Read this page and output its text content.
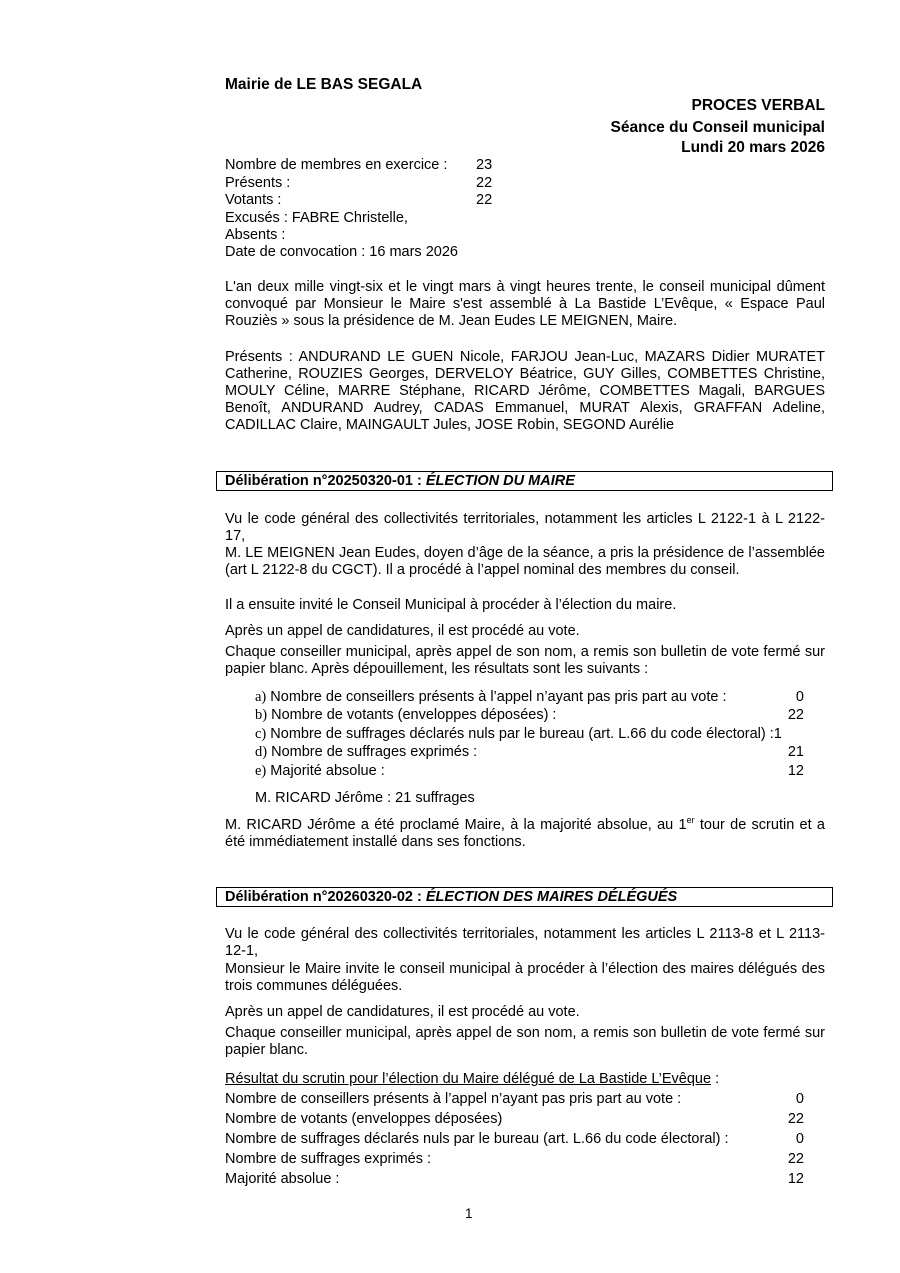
Mairie de LE BAS SEGALA
PROCES VERBAL
Séance du Conseil municipal
Lundi 20 mars 2026
Nombre de membres en exercice : 23
Présents :	22
Votants :	22
Excusés : FABRE Christelle,
Absents :
Date de convocation : 16 mars 2026
L'an deux mille vingt-six et le vingt mars à vingt heures trente, le conseil municipal dûment convoqué par Monsieur le Maire s'est assemblé à La Bastide L’Evêque, « Espace Paul Rouziès » sous la présidence de M. Jean Eudes LE MEIGNEN, Maire.
Présents : ANDURAND LE GUEN Nicole, FARJOU Jean-Luc, MAZARS Didier MURATET Catherine, ROUZIES Georges, DERVELOY Béatrice, GUY Gilles, COMBETTES Christine, MOULY Céline, MARRE Stéphane, RICARD Jérôme, COMBETTES Magali, BARGUES Benoît, ANDURAND Audrey, CADAS Emmanuel, MURAT Alexis, GRAFFAN Adeline, CADILLAC Claire, MAINGAULT Jules, JOSE Robin, SEGOND Aurélie
Délibération n°20250320-01 : ÉLECTION DU MAIRE
Vu le code général des collectivités territoriales, notamment les articles L 2122-1 à L 2122-17,
M. LE MEIGNEN Jean Eudes, doyen d’âge de la séance, a pris la présidence de l’assemblée (art L 2122-8 du CGCT). Il a procédé à l’appel nominal des membres du conseil.
Il a ensuite invité le Conseil Municipal à procéder à l’élection du maire.
Après un appel de candidatures, il est procédé au vote.
Chaque conseiller municipal, après appel de son nom, a remis son bulletin de vote fermé sur papier blanc. Après dépouillement, les résultats sont les suivants :
a) Nombre de conseillers présents à l’appel n’ayant pas pris part au vote :	0
b) Nombre de votants (enveloppes déposées) :	22
c) Nombre de suffrages déclarés nuls par le bureau (art. L.66 du code électoral) :1
d) Nombre de suffrages exprimés :	21
e) Majorité absolue :	12
M. RICARD Jérôme : 21 suffrages
M. RICARD Jérôme a été proclamé Maire, à la majorité absolue, au 1er tour de scrutin et a été immédiatement installé dans ses fonctions.
Délibération n°20260320-02 : ÉLECTION DES MAIRES DÉLÉGUÉS
Vu le code général des collectivités territoriales, notamment les articles L 2113-8 et L 2113-12-1,
Monsieur le Maire invite le conseil municipal à procéder à l’élection des maires délégués des trois communes déléguées.
Après un appel de candidatures, il est procédé au vote.
Chaque conseiller municipal, après appel de son nom, a remis son bulletin de vote fermé sur papier blanc.
Résultat du scrutin pour l’élection du Maire délégué de La Bastide L’Evêque :
Nombre de conseillers présents à l’appel n’ayant pas pris part au vote :	0
Nombre de votants (enveloppes déposées)	22
Nombre de suffrages déclarés nuls par le bureau (art. L.66 du code électoral) :	0
Nombre de suffrages exprimés :	22
Majorité absolue :	12
1
